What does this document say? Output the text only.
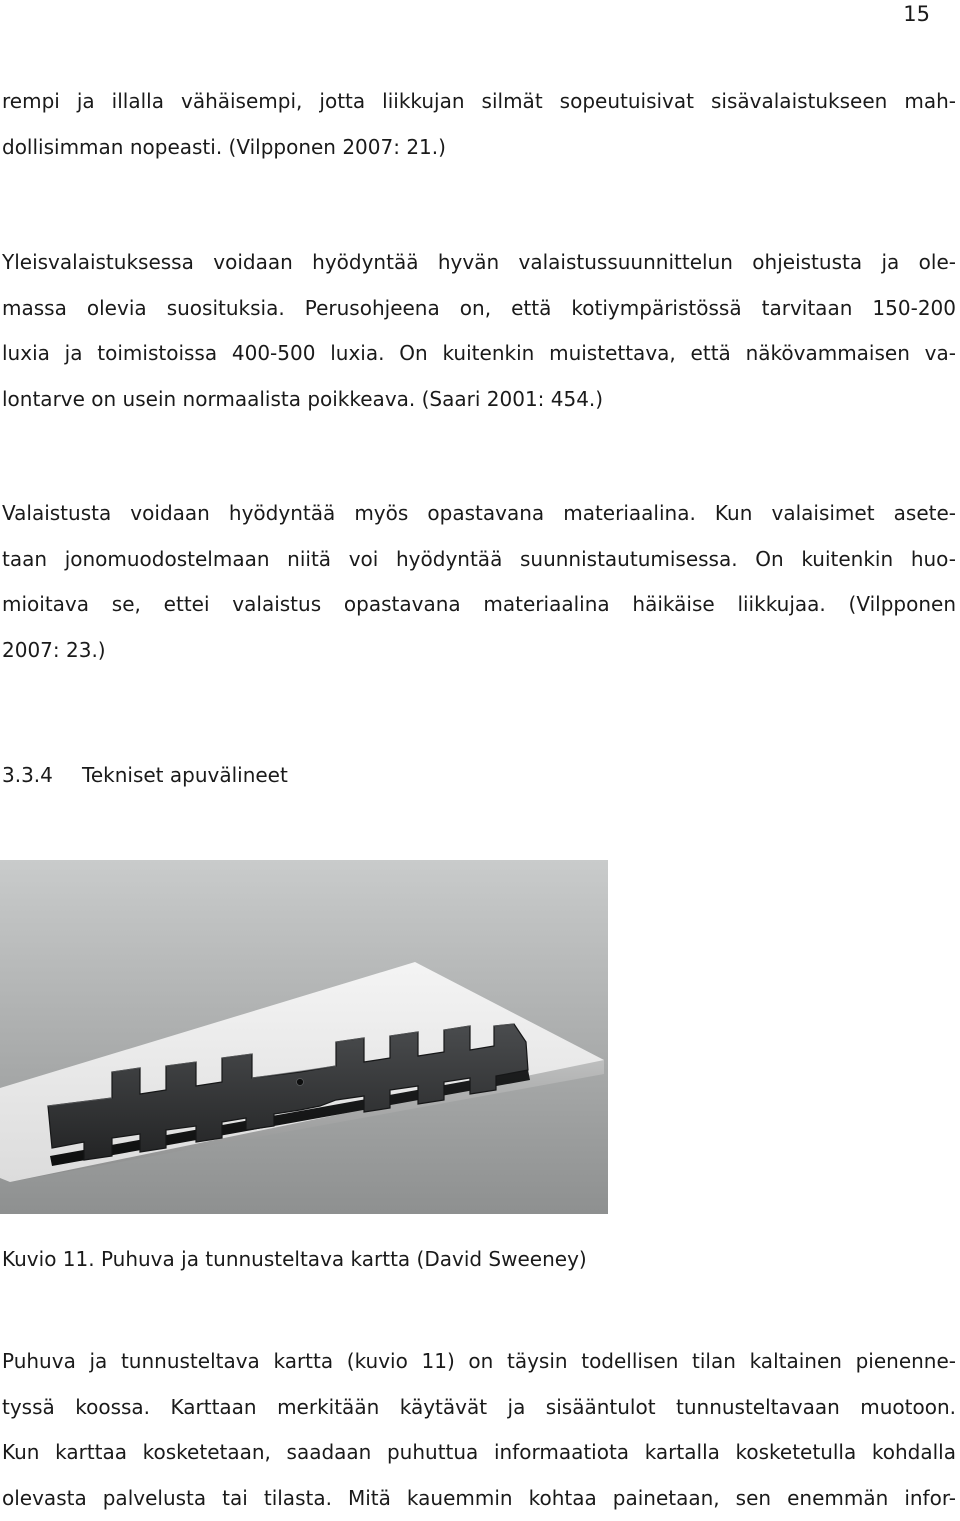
15

rempi ja illalla vähäisempi, jotta liikkujan silmät sopeutuisivat sisävalaistukseen mah-
dollisimman nopeasti. (Vilpponen 2007: 21.)

Yleisvalaistuksessa voidaan hyödyntää hyvän valaistussuunnittelun ohjeistusta ja ole-
massa olevia suosituksia. Perusohjeena on, että kotiympäristössä tarvitaan 150-200
luxia ja toimistoissa 400-500 luxia. On kuitenkin muistettava, että näkövammaisen va-
lontarve on usein normaalista poikkeava. (Saari 2001: 454.)

Valaistusta voidaan hyödyntää myös opastavana materiaalina. Kun valaisimet asete-
taan jonomuodostelmaan niitä voi hyödyntää suunnistautumisessa. On kuitenkin huo-
mioitava se, ettei valaistus opastavana materiaalina häikäise liikkujaa. (Vilpponen
2007: 23.)

3.3.4 Tekniset apuvälineet

Kuvio 11. Puhuva ja tunnusteltava kartta (David Sweeney)

Puhuva ja tunnusteltava kartta (kuvio 11) on täysin todellisen tilan kaltainen pienenne-
tyssä koossa. Karttaan merkitään käytävät ja sisääntulot tunnusteltavaan muotoon.
Kun karttaa kosketetaan, saadaan puhuttua informaatiota kartalla kosketetulla kohdalla
olevasta palvelusta tai tilasta. Mitä kauemmin kohtaa painetaan, sen enemmän infor-
